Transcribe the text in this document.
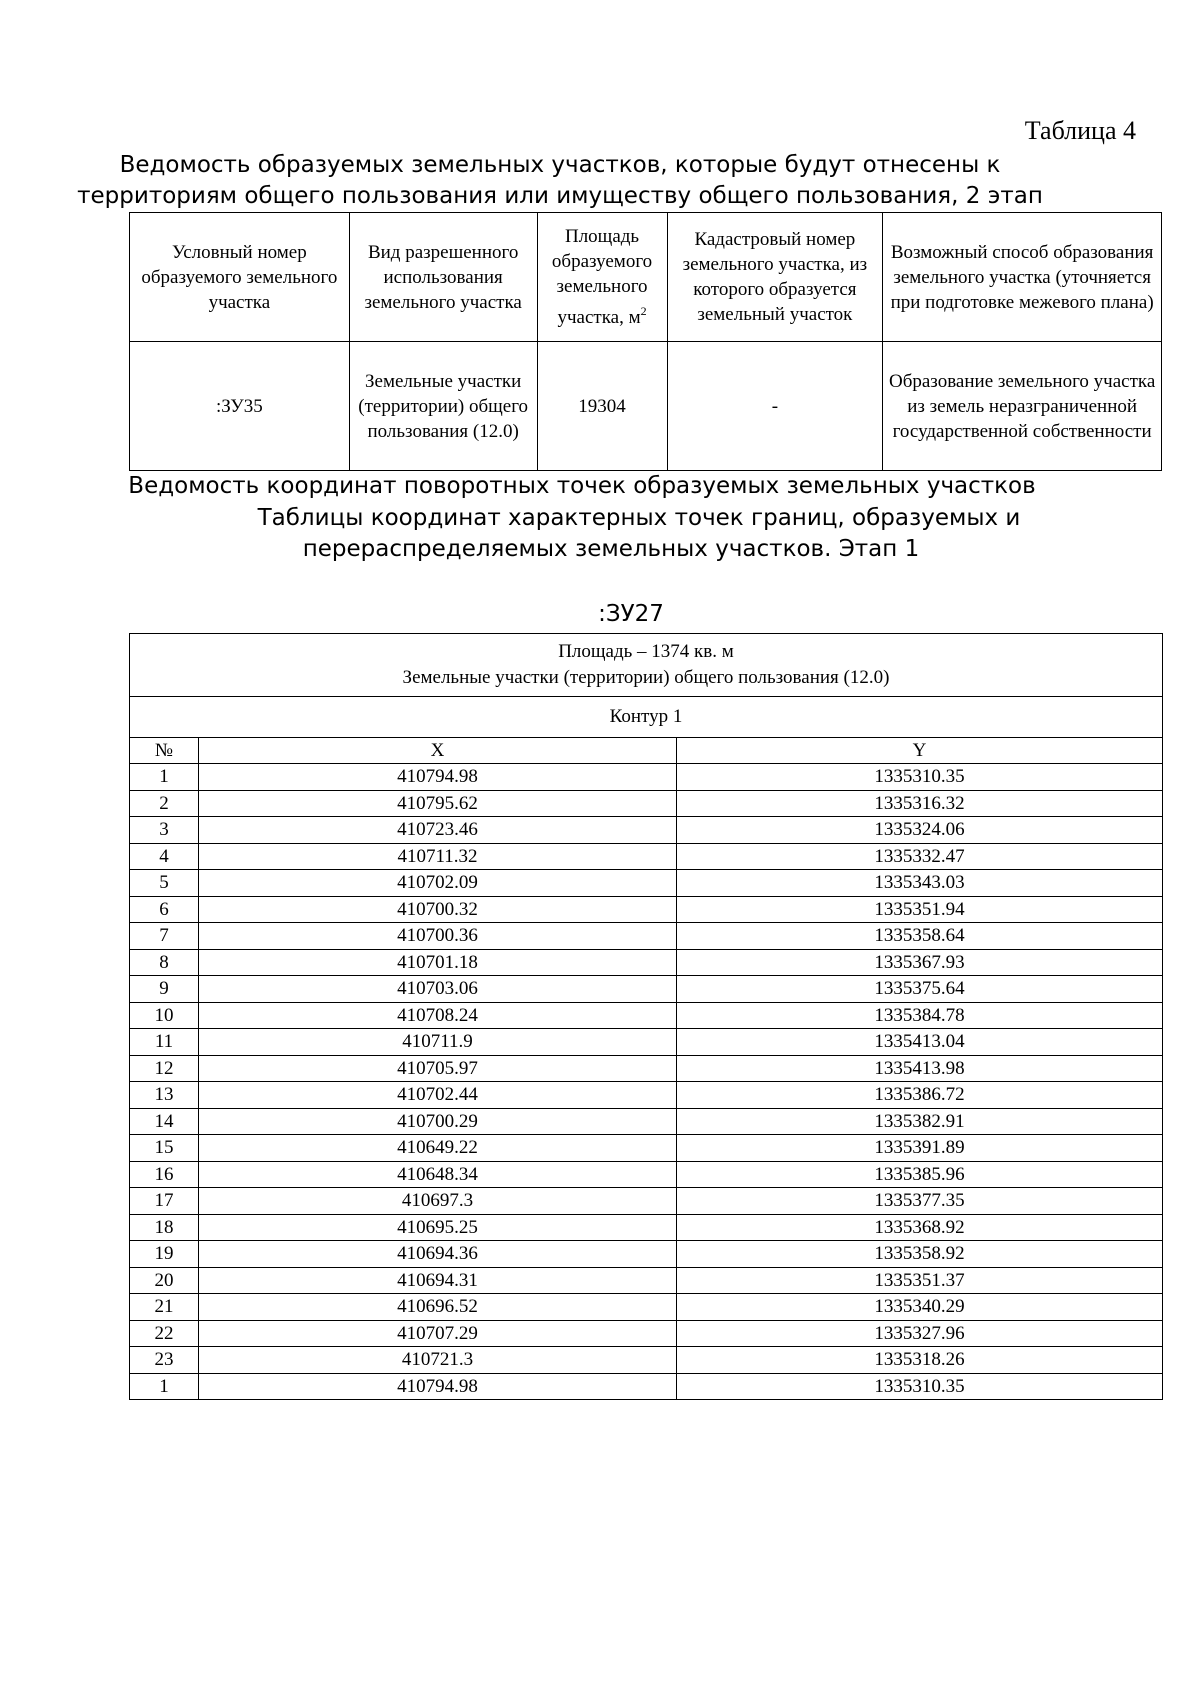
Таблица 4
Ведомость образуемых земельных участков, которые будут отнесены к
территориям общего пользования или имуществу общего пользования, 2 этап
Условный номер образуемого земельного участка	Вид разрешенного использования земельного участка	Площадь образуемого земельного участка, $м^2$	Кадастровый номер земельного участка, из которого образуется земельный участок	Возможный способ образования земельного участка (уточняется при подготовке межевого плана)
:ЗУ35	Земельные участки (территории) общего пользования (12.0)	19304	-	Образование земельного участка из земель неразграниченной государственной собственности
Ведомость координат поворотных точек образуемых земельных участков
Таблицы координат характерных точек границ, образуемых и
перераспределяемых земельных участков. Этап 1
:ЗУ27
Площадь – 1374 кв. м
Земельные участки (территории) общего пользования (12.0)		

Контур 1		
№	X	Y
1	410794.98	1335310.35
2	410795.62	1335316.32
3	410723.46	1335324.06
4	410711.32	1335332.47
5	410702.09	1335343.03
6	410700.32	1335351.94
7	410700.36	1335358.64
8	410701.18	1335367.93
9	410703.06	1335375.64
10	410708.24	1335384.78
11	410711.9	1335413.04
12	410705.97	1335413.98
13	410702.44	1335386.72
14	410700.29	1335382.91
15	410649.22	1335391.89
16	410648.34	1335385.96
17	410697.3	1335377.35
18	410695.25	1335368.92
19	410694.36	1335358.92
20	410694.31	1335351.37
21	410696.52	1335340.29
22	410707.29	1335327.96
23	410721.3	1335318.26
1	410794.98	1335310.35
